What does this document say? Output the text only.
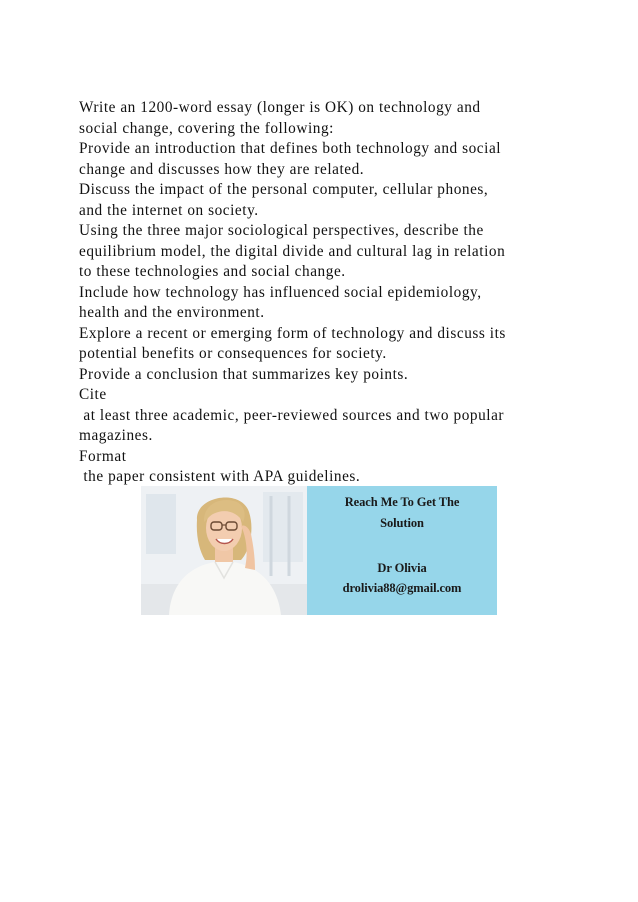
Write an 1200-word essay (longer is OK) on technology and
social change, covering the following:
Provide an introduction that defines both technology and social
change and discusses how they are related.
Discuss the impact of the personal computer, cellular phones,
and the internet on society.
Using the three major sociological perspectives, describe the
equilibrium model, the digital divide and cultural lag in relation
to these technologies and social change.
Include how technology has influenced social epidemiology,
health and the environment.
Explore a recent or emerging form of technology and discuss its
potential benefits or consequences for society.
Provide a conclusion that summarizes key points.
Cite
at least three academic, peer-reviewed sources and two popular
magazines.
Format
the paper consistent with APA guidelines.
Reach Me To Get The
Solution
Dr Olivia
drolivia88@gmail.com
